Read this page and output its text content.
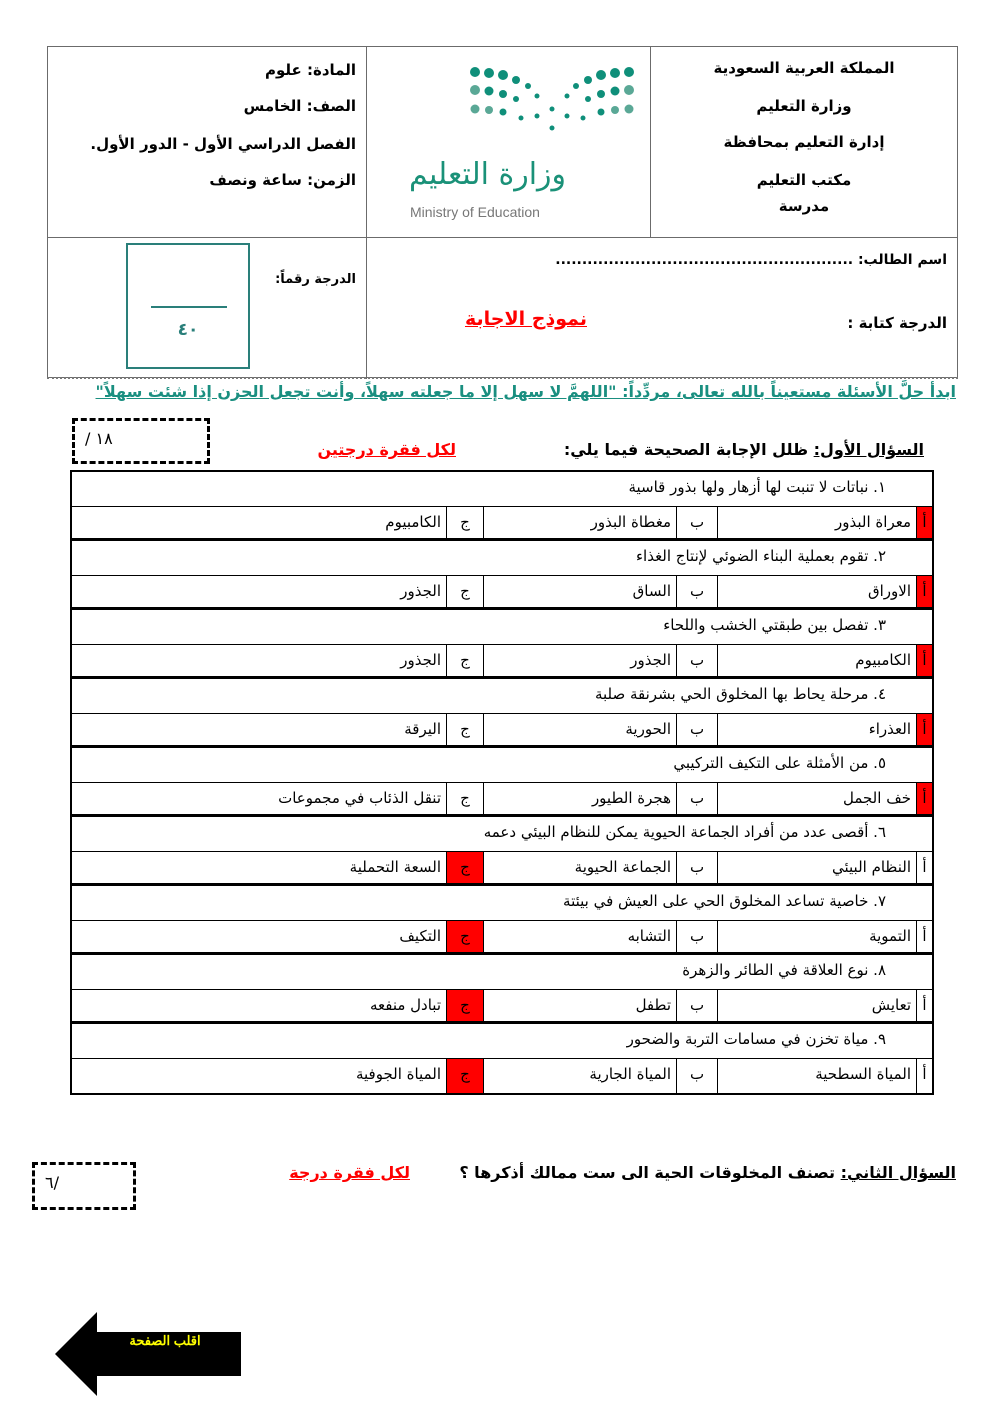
المملكة العربية السعودية
وزارة التعليم
إدارة التعليم بمحافظة
مكتب التعليم
مدرسة
وزارة التعليم
Ministry of Education
المادة: علوم
الصف: الخامس
الفصل الدراسي الأول - الدور الأول.
الزمن: ساعة ونصف
اسم الطالب: ........................................................
الدرجة كتابة :
نموذج الاجابة
الدرجة رقماً:
٤٠
ابدأ حلَّ الأسئلة مستعيناً بالله تعالى، مردِّداً: "اللهمَّ لا سهل إلا ما جعلته سهلاً، وأنت تجعل الحزن إذا شئت سهلاً"
السؤال الأول: ظلل الإجابة الصحيحة فيما يلي:
لكل فقرة درجتين
/ ١٨
١. نباتات لا تنبت لها أزهار ولها بذور قاسية
أ
معراة البذور
ب
مغطاة البذور
ج
الكامبيوم
٢. تقوم بعملية البناء الضوئي لإنتاج الغذاء
أ
الاوراق
ب
الساق
ج
الجذور
٣. تفصل بين طبقتي الخشب واللحاء
أ
الكامبيوم
ب
الجذور
ج
الجذور
٤. مرحلة يحاط بها المخلوق الحي بشرنقة صلبة
أ
العذراء
ب
الحورية
ج
اليرقة
٥. من الأمثلة على التكيف التركيبي
أ
خف الجمل
ب
هجرة الطيور
ج
تنقل الذئاب في مجموعات
٦. أقصى عدد من أفراد الجماعة الحيوية يمكن للنظام البيئي دعمه
أ
النظام البيئي
ب
الجماعة الحيوية
ج
السعة التحملية
٧. خاصية تساعد المخلوق الحي على العيش في بيئتة
أ
التموية
ب
التشابه
ج
التكيف
٨. نوع العلاقة في الطائر والزهرة
أ
تعايش
ب
تطفل
ج
تبادل منفعه
٩. مياة تخزن في مسامات التربة والضحور
أ
المياة السطحية
ب
المياة الجارية
ج
المياة الجوفية
السؤال الثاني: تصنف المخلوقات الحية الى ست ممالك أذكرها ؟
لكل فقرة درجة
٦/
اقلب الصفحة
